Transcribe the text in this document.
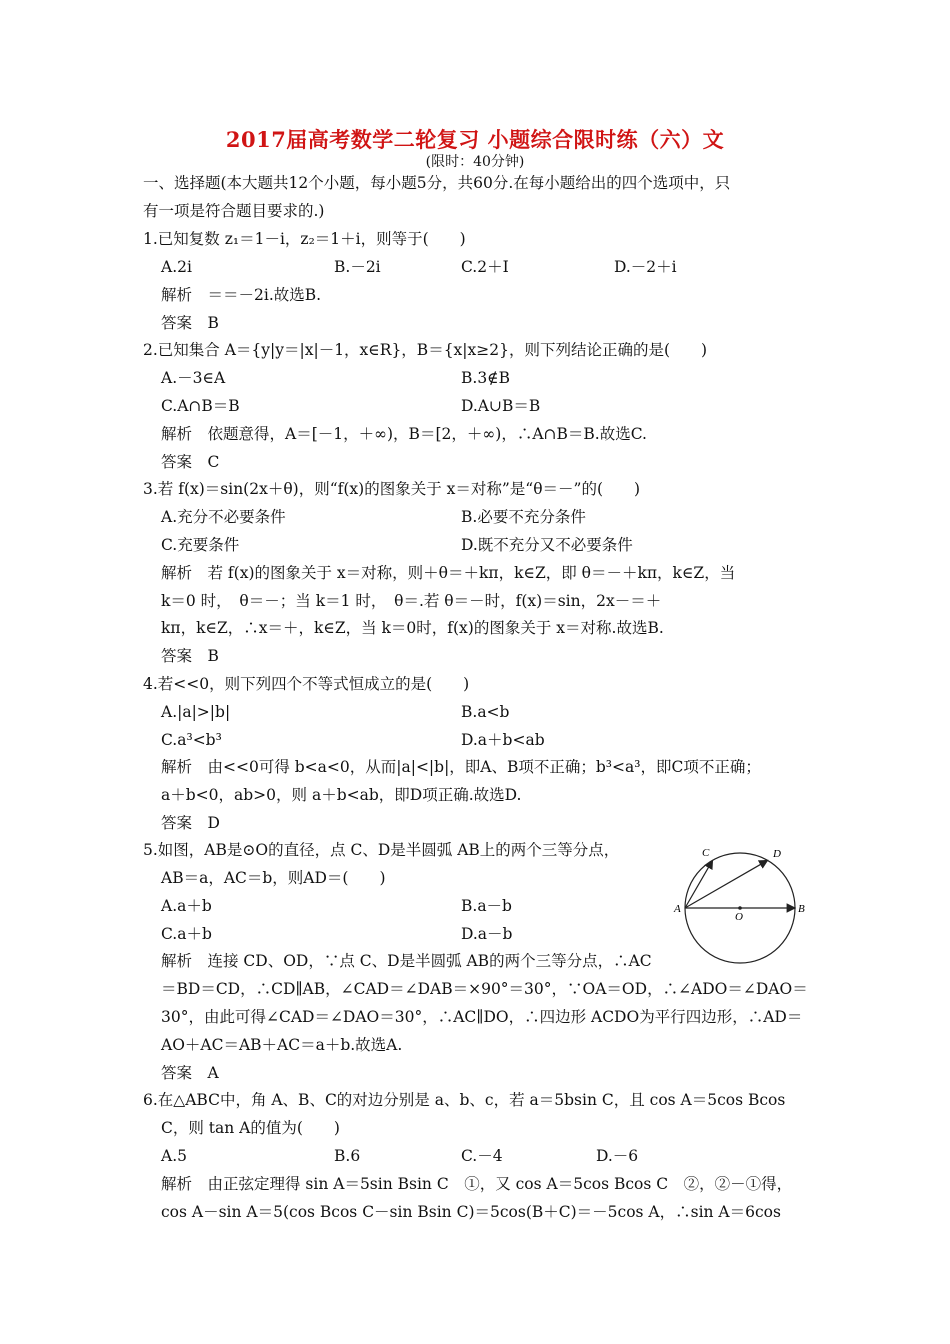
2017届高考数学二轮复习 小题综合限时练（六）文
(限时：40分钟)
一、选择题(本大题共12个小题，每小题5分，共60分.在每小题给出的四个选项中，只
有一项是符合题目要求的.)
1.已知复数 z₁＝1－i，z₂＝1＋i，则等于(　　)
A.2i	B.－2i	C.2＋I	D.－2＋i
解析　＝＝－2i.故选B.
答案　B
2.已知集合 A＝{y|y＝|x|－1，x∈R}，B＝{x|x≥2}，则下列结论正确的是(　　)
A.－3∈A	B.3∉B
C.A∩B＝B	D.A∪B＝B
解析　依题意得，A＝[－1，＋∞)，B＝[2，＋∞)，∴A∩B＝B.故选C.
答案　C
3.若 f(x)＝sin(2x＋θ)，则“f(x)的图象关于 x＝对称”是“θ＝－”的(　　)
A.充分不必要条件	B.必要不充分条件
C.充要条件	D.既不充分又不必要条件
解析　若 f(x)的图象关于 x＝对称，则＋θ＝＋kπ，k∈Z，即 θ＝－＋kπ，k∈Z，当
k＝0 时，　θ＝－；当 k＝1 时，　θ＝.若 θ＝－时，f(x)＝sin，2x－＝＋
kπ，k∈Z，∴x＝＋，k∈Z，当 k＝0时，f(x)的图象关于 x＝对称.故选B.
答案　B
4.若<<0，则下列四个不等式恒成立的是(　　)
A.|a|>|b|	B.a<b
C.a³<b³	D.a＋b<ab
解析　由<<0可得 b<a<0，从而|a|<|b|，即A、B项不正确；b³<a³，即C项不正确；
a＋b<0，ab>0，则 a＋b<ab，即D项正确.故选D.
答案　D
5.如图，AB是⊙O的直径，点 C、D是半圆弧 AB上的两个三等分点，
AB＝a，AC＝b，则AD＝(　　)
A.a＋b	B.a－b
C.a＋b	D.a－b
解析　连接 CD、OD，∵点 C、D是半圆弧 AB的两个三等分点，∴AC
＝BD＝CD，∴CD∥AB，∠CAD＝∠DAB＝×90°＝30°，∵OA＝OD，∴∠ADO＝∠DAO＝
30°，由此可得∠CAD＝∠DAO＝30°，∴AC∥DO，∴四边形 ACDO为平行四边形，∴AD＝
AO＋AC＝AB＋AC＝a＋b.故选A.
答案　A
C	D
A
O
B
6.在△ABC中，角 A、B、C的对边分别是 a、b、c，若 a＝5bsin C，且 cos A＝5cos Bcos
C，则 tan A的值为(　　)
A.5	B.6	C.－4	D.－6
解析　由正弦定理得 sin A＝5sin Bsin C　①，又 cos A＝5cos Bcos C　②，②－①得，
cos A－sin A＝5(cos Bcos C－sin Bsin C)＝5cos(B＋C)＝－5cos A，∴sin A＝6cos
